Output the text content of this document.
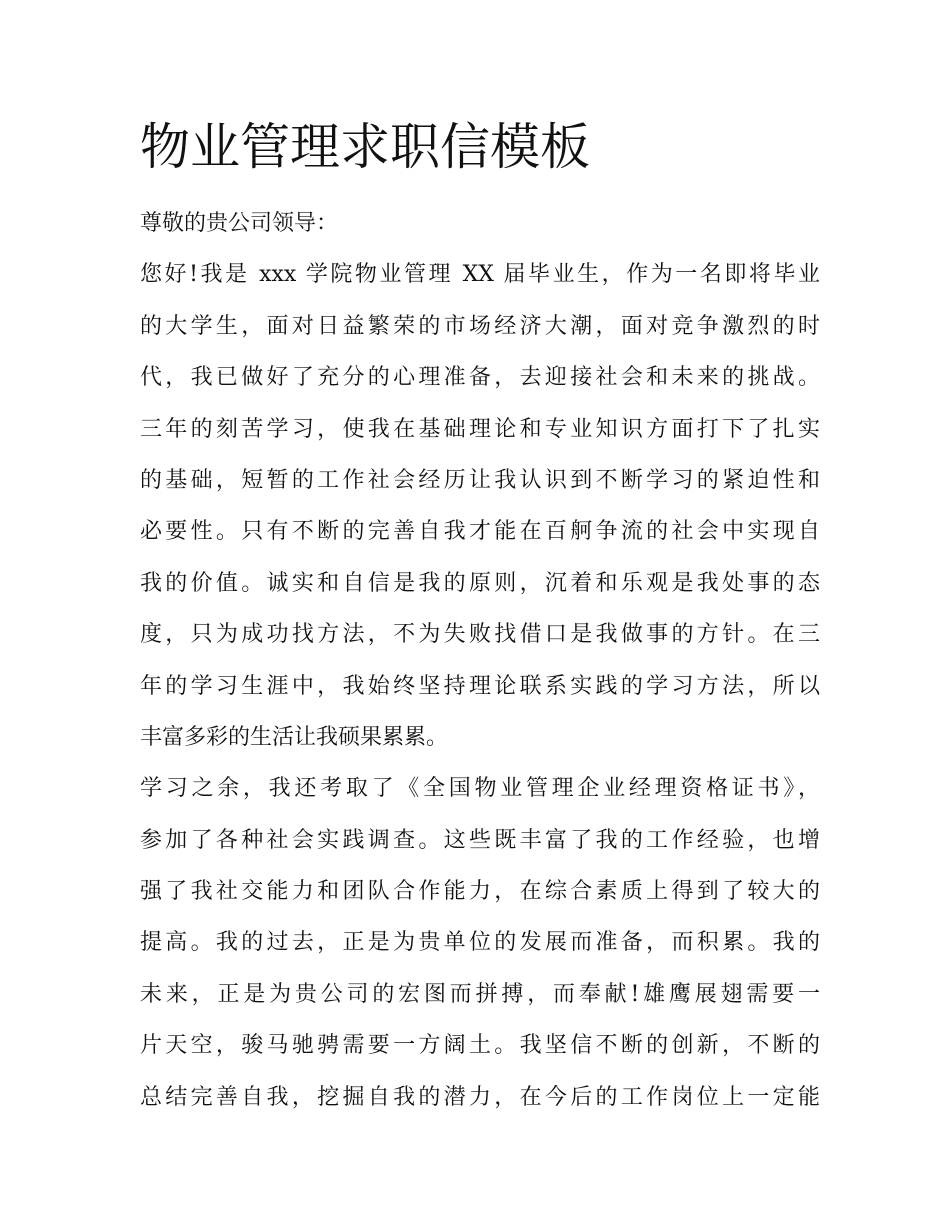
物业管理求职信模板
尊敬的贵公司领导：
您好!我是 xxx 学院物业管理 XX 届毕业生，作为一名即将毕业
的大学生，面对日益繁荣的市场经济大潮，面对竞争激烈的时
代，我已做好了充分的心理准备，去迎接社会和未来的挑战。
三年的刻苦学习，使我在基础理论和专业知识方面打下了扎实
的基础，短暂的工作社会经历让我认识到不断学习的紧迫性和
必要性。只有不断的完善自我才能在百舸争流的社会中实现自
我的价值。诚实和自信是我的原则，沉着和乐观是我处事的态
度，只为成功找方法，不为失败找借口是我做事的方针。在三
年的学习生涯中，我始终坚持理论联系实践的学习方法，所以
丰富多彩的生活让我硕果累累。
学习之余，我还考取了《全国物业管理企业经理资格证书》，
参加了各种社会实践调查。这些既丰富了我的工作经验，也增
强了我社交能力和团队合作能力，在综合素质上得到了较大的
提高。我的过去，正是为贵单位的发展而准备，而积累。我的
未来，正是为贵公司的宏图而拼搏，而奉献!雄鹰展翅需要一
片天空，骏马驰骋需要一方阔土。我坚信不断的创新，不断的
总结完善自我，挖掘自我的潜力，在今后的工作岗位上一定能
